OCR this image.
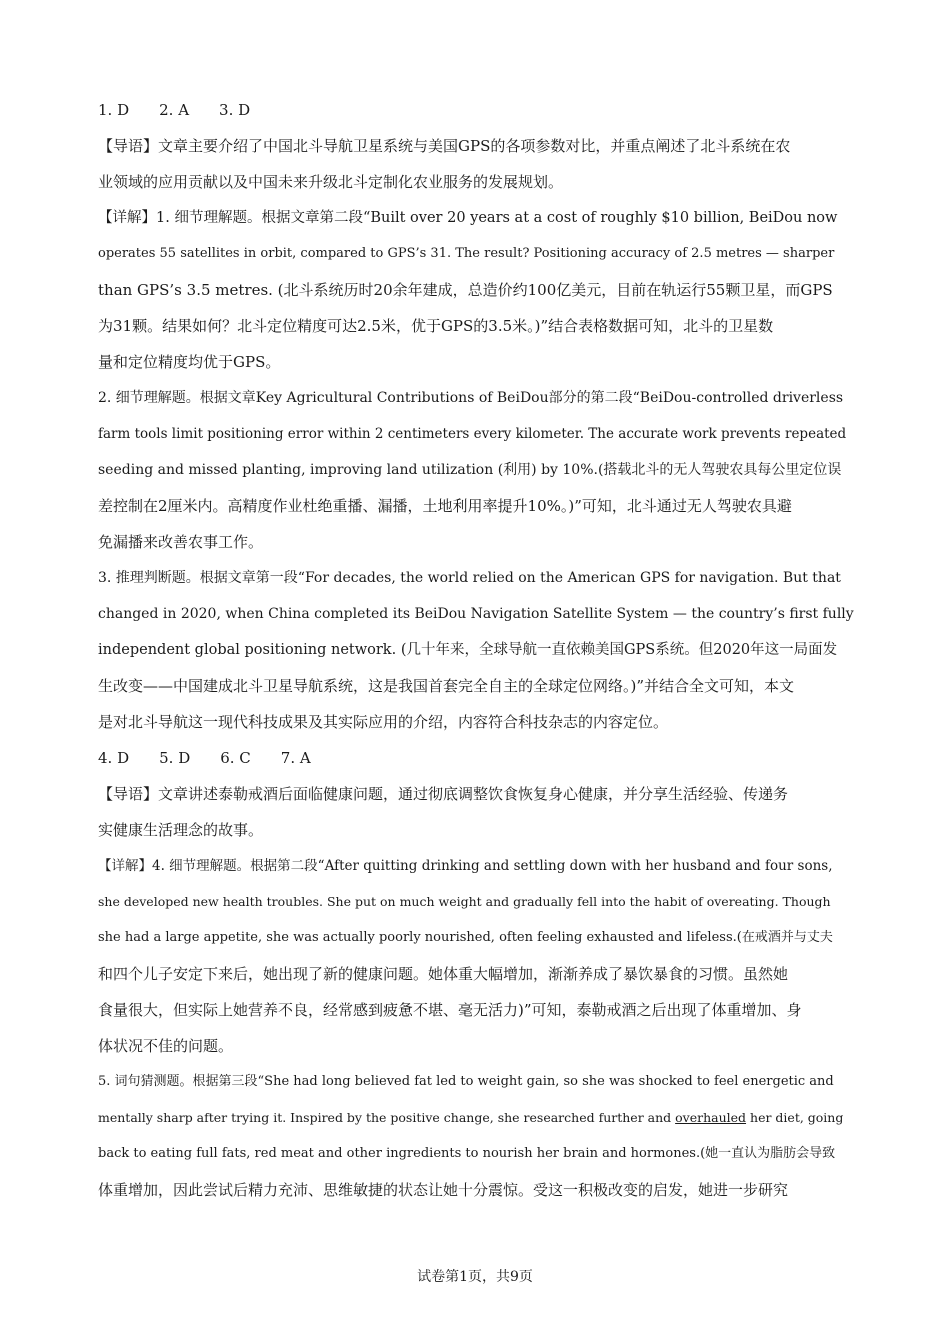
1. D 2. A 3. D
【导语】文章主要介绍了中国北斗导航卫星系统与美国GPS的各项参数对比，并重点阐述了北斗系统在农
业领域的应用贡献以及中国未来升级北斗定制化农业服务的发展规划。
【详解】1. 细节理解题。根据文章第二段“Built over 20 years at a cost of roughly $10 billion, BeiDou now
operates 55 satellites in orbit, compared to GPS’s 31. The result? Positioning accuracy of 2.5 metres — sharper
than GPS’s 3.5 metres. (北斗系统历时20余年建成，总造价约100亿美元，目前在轨运行55颗卫星，而GPS
为31颗。结果如何？北斗定位精度可达2.5米，优于GPS的3.5米。)”结合表格数据可知，北斗的卫星数
量和定位精度均优于GPS。
2. 细节理解题。根据文章Key Agricultural Contributions of BeiDou部分的第二段“BeiDou-controlled driverless
farm tools limit positioning error within 2 centimeters every kilometer. The accurate work prevents repeated
seeding and missed planting, improving land utilization (利用) by 10%.(搭载北斗的无人驾驶农具每公里定位误
差控制在2厘米内。高精度作业杜绝重播、漏播，土地利用率提升10%。)”可知，北斗通过无人驾驶农具避
免漏播来改善农事工作。
3. 推理判断题。根据文章第一段“For decades, the world relied on the American GPS for navigation. But that
changed in 2020, when China completed its BeiDou Navigation Satellite System — the country’s first fully
independent global positioning network. (几十年来，全球导航一直依赖美国GPS系统。但2020年这一局面发
生改变——中国建成北斗卫星导航系统，这是我国首套完全自主的全球定位网络。)”并结合全文可知，本文
是对北斗导航这一现代科技成果及其实际应用的介绍，内容符合科技杂志的内容定位。
4. D 5. D 6. C 7. A
【导语】文章讲述泰勒戒酒后面临健康问题，通过彻底调整饮食恢复身心健康，并分享生活经验、传递务
实健康生活理念的故事。
【详解】4. 细节理解题。根据第二段“After quitting drinking and settling down with her husband and four sons,
she developed new health troubles. She put on much weight and gradually fell into the habit of overeating. Though
she had a large appetite, she was actually poorly nourished, often feeling exhausted and lifeless.(在戒酒并与丈夫
和四个儿子安定下来后，她出现了新的健康问题。她体重大幅增加，渐渐养成了暴饮暴食的习惯。虽然她
食量很大，但实际上她营养不良，经常感到疲惫不堪、毫无活力)”可知，泰勒戒酒之后出现了体重增加、身
体状况不佳的问题。
5. 词句猜测题。根据第三段“She had long believed fat led to weight gain, so she was shocked to feel energetic and
mentally sharp after trying it. Inspired by the positive change, she researched further and overhauled her diet, going
back to eating full fats, red meat and other ingredients to nourish her brain and hormones.(她一直认为脂肪会导致
体重增加，因此尝试后精力充沛、思维敏捷的状态让她十分震惊。受这一积极改变的启发，她进一步研究
试卷第1页，共9页
